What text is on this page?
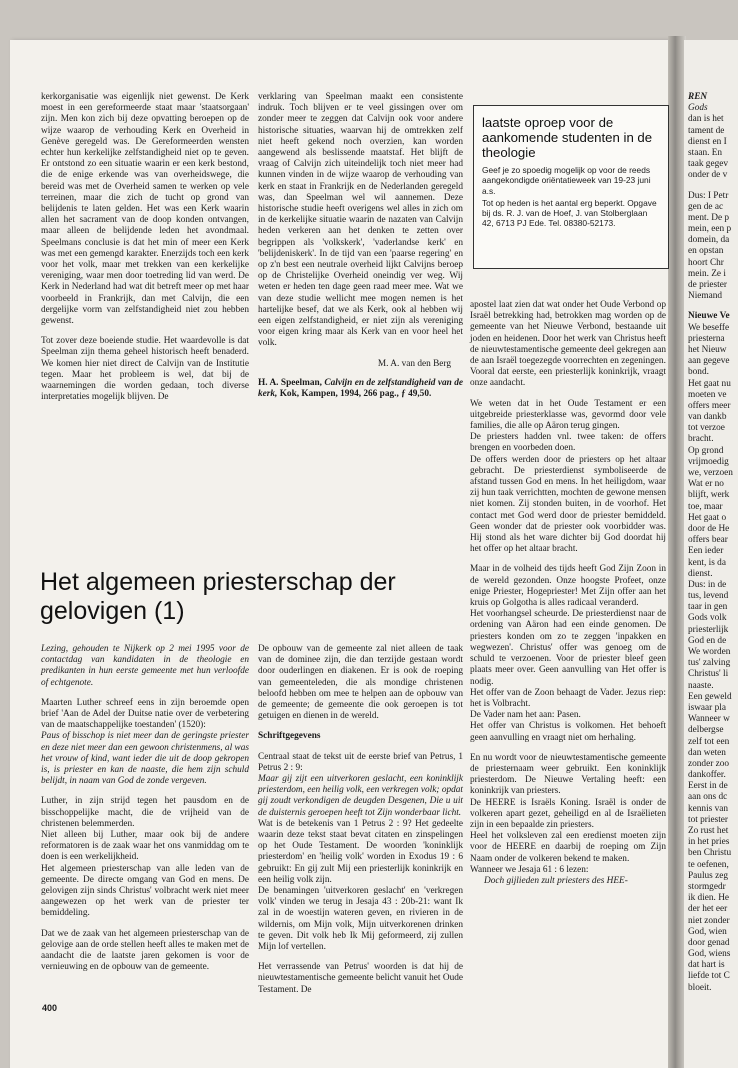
kerkorganisatie was eigenlijk niet gewenst. De Kerk moest in een gereformeerde staat maar 'staatsorgaan' zijn. Men kon zich bij deze opvatting beroepen op de wijze waarop de verhouding Kerk en Overheid in Genève geregeld was. De Gereformeerden wensten echter hun kerkelijke zelfstandigheid niet op te geven. Er ontstond zo een situatie waarin er een kerk bestond, die de enige erkende was van overheidswege, die bereid was met de Overheid samen te werken op vele terreinen, maar die zich de tucht op grond van belijdenis te laten gelden. Het was een Kerk waarin allen het sacrament van de doop konden ontvangen, maar alleen de belijdende leden het avondmaal. Speelmans conclusie is dat het min of meer een Kerk was met een gemengd karakter. Enerzijds toch een kerk voor het volk, maar met trekken van een kerkelijke vereniging, waar men door toetreding lid van werd. De Kerk in Nederland had wat dit betreft meer op met haar voorbeeld in Frankrijk, dan met Calvijn, die een dergelijke vorm van zelfstandigheid niet zou hebben gewenst.

Tot zover deze boeiende studie. Het waardevolle is dat Speelman zijn thema geheel historisch heeft benaderd. We komen hier niet direct de Calvijn van de Institutie tegen. Maar het probleem is wel, dat bij de waarnemingen die worden gedaan, toch diverse interpretaties mogelijk blijven. De

verklaring van Speelman maakt een consistente indruk. Toch blijven er te veel gissingen over om zonder meer te zeggen dat Calvijn ook voor andere historische situaties, waarvan hij de omtrekken zelf niet heeft gekend noch overzien, kan worden aangewend als beslissende maatstaf. Het blijft de vraag of Calvijn zich uiteindelijk toch niet meer had kunnen vinden in de wijze waarop de verhouding van kerk en staat in Frankrijk en de Nederlanden geregeld was, dan Speelman wel wil aannemen. Deze historische studie heeft overigens wel alles in zich om in de kerkelijke situatie waarin de nazaten van Calvijn heden verkeren aan het denken te zetten over begrippen als 'volkskerk', 'vaderlandse kerk' en 'belijdeniskerk'. In de tijd van een 'paarse regering' en op z'n best een neutrale overheid lijkt Calvijns beroep op de Christelijke Overheid oneindig ver weg. Wij weten er heden ten dage geen raad meer mee. Wat we van deze studie wellicht mee mogen nemen is het hartelijke besef, dat we als Kerk, ook al hebben wij een eigen zelfstandigheid, er niet zijn als vereniging voor eigen kring maar als Kerk van en voor heel het volk.

M. A. van den Berg

H. A. Speelman, Calvijn en de zelfstandigheid van de kerk, Kok, Kampen, 1994, 266 pag., ƒ 49,50.

laatste oproep voor de aankomende studenten in de theologie

Geef je zo spoedig mogelijk op voor de reeds aangekondigde oriëntatieweek van 19-23 juni a.s.

Tot op heden is het aantal erg beperkt. Opgave bij ds. R. J. van de Hoef, J. van Stolberglaan 42, 6713 PJ Ede. Tel. 08380-52173.

apostel laat zien dat wat onder het Oude Verbond op Israël betrekking had, betrokken mag worden op de gemeente van het Nieuwe Verbond, bestaande uit joden en heidenen. Door het werk van Christus heeft de nieuwtestamentische gemeente deel gekregen aan de aan Israël toegezegde voorrechten en zegeningen.

Vooral dat eerste, een priesterlijk koninkrijk, vraagt onze aandacht.

We weten dat in het Oude Testament er een uitgebreide priesterklasse was, gevormd door vele families, die alle op Aäron terug gingen.

De priesters hadden vnl. twee taken: de offers brengen en voorbeden doen.

De offers werden door de priesters op het altaar gebracht. De priesterdienst symboliseerde de afstand tussen God en mens. In het heiligdom, waar zij hun taak verrichtten, mochten de gewone mensen niet komen. Zij stonden buiten, in de voorhof. Het contact met God werd door de priester bemiddeld. Geen wonder dat de priester ook voorbidder was. Hij stond als het ware dichter bij God doordat hij het offer op het altaar bracht.

Maar in de volheid des tijds heeft God Zijn Zoon in de wereld gezonden. Onze hoogste Profeet, onze enige Priester, Hogepriester! Met Zijn offer aan het kruis op Golgotha is alles radicaal veranderd.

Het voorhangsel scheurde. De priesterdienst naar de ordening van Aäron had een einde genomen. De priesters konden om zo te zeggen 'inpakken en wegwezen'. Christus' offer was genoeg om de schuld te verzoenen. Voor de priester bleef geen plaats meer over. Geen aanvulling van Het offer is nodig.

Het offer van de Zoon behaagt de Vader. Jezus riep: het is Volbracht.

De Vader nam het aan: Pasen.

Het offer van Christus is volkomen. Het behoeft geen aanvulling en vraagt niet om herhaling.

En nu wordt voor de nieuwtestamentische gemeente de priesternaam weer gebruikt. Een koninklijk priesterdom. De Nieuwe Vertaling heeft: een koninkrijk van priesters.

De HEERE is Israëls Koning. Israël is onder de volkeren apart gezet, geheiligd en al de Israëlieten zijn in een bepaalde zin priesters.

Heel het volksleven zal een eredienst moeten zijn voor de HEERE en daarbij de roeping om Zijn Naam onder de volkeren bekend te maken.

Wanneer we Jesaja 61 : 6 lezen:

Doch gijlieden zult priesters des HEE-

Het algemeen priesterschap der gelovigen (1)

Lezing, gehouden te Nijkerk op 2 mei 1995 voor de contactdag van kandidaten in de theologie en predikanten in hun eerste gemeente met hun verloofde of echtgenote.

Maarten Luther schreef eens in zijn beroemde open brief 'Aan de Adel der Duitse natie over de verbetering van de maatschappelijke toestanden' (1520):

Paus of bisschop is niet meer dan de geringste priester en deze niet meer dan een gewoon christenmens, al was het vrouw of kind, want ieder die uit de doop gekropen is, is priester en kan de naaste, die hem zijn schuld belijdt, in naam van God de zonde vergeven.

Luther, in zijn strijd tegen het pausdom en de bisschoppelijke macht, die de vrijheid van de christenen belemmerden.

Niet alleen bij Luther, maar ook bij de andere reformatoren is de zaak waar het ons vanmiddag om te doen is een werkelijkheid.

Het algemeen priesterschap van alle leden van de gemeente. De directe omgang van God en mens. De gelovigen zijn sinds Christus' volbracht werk niet meer aangewezen op het werk van de priester ter bemiddeling.

Dat we de zaak van het algemeen priesterschap van de gelovige aan de orde stellen heeft alles te maken met de aandacht die de laatste jaren gekomen is voor de vernieuwing en de opbouw van de gemeente.

De opbouw van de gemeente zal niet alleen de taak van de dominee zijn, die dan terzijde gestaan wordt door ouderlingen en diakenen. Er is ook de roeping van gemeenteleden, die als mondige christenen beloofd hebben om mee te helpen aan de opbouw van de gemeente; de gemeente die ook geroepen is tot getuigen en dienen in de wereld.

Schriftgegevens

Centraal staat de tekst uit de eerste brief van Petrus, 1 Petrus 2 : 9:

Maar gij zijt een uitverkoren geslacht, een koninklijk priesterdom, een heilig volk, een verkregen volk; opdat gij zoudt verkondigen de deugden Desgenen, Die u uit de duisternis geroepen heeft tot Zijn wonderbaar licht.

Wat is de betekenis van 1 Petrus 2 : 9? Het gedeelte waarin deze tekst staat bevat citaten en zinspelingen op het Oude Testament. De woorden 'koninklijk priesterdom' en 'heilig volk' worden in Exodus 19 : 6 gebruikt: En gij zult Mij een priesterlijk koninkrijk en een heilig volk zijn.

De benamingen 'uitverkoren geslacht' en 'verkregen volk' vinden we terug in Jesaja 43 : 20b-21: want Ik zal in de woestijn wateren geven, en rivieren in de wildernis, om Mijn volk, Mijn uitverkorenen drinken te geven. Dit volk heb Ik Mij geformeerd, zij zullen Mijn lof vertellen.

Het verrassende van Petrus' woorden is dat hij de nieuwtestamentische gemeente belicht vanuit het Oude Testament. De

400
REN
Gods
dan is het
tament de
dienst en I
staan. En
taak gegev
onder de v
Dus: I Petr
gen de ac
ment. De p
mein, een p
domein, da
en opstan
hoort Chr
mein. Ze i
de priester
Niemand
Nieuwe Ve
We beseffe
priesterna
het Nieuw
aan gegeve
bond.
Het gaat nu
moeten ve
offers meer
van dankb
tot verzoe
bracht.
Op grond
vrijmoedig
we, verzoen
Wat er no
blijft, werk
toe, maar
Het gaat o
door de He
offers bear
Een ieder
kent, is da
dienst.
Dus: in de
tus, levend
taar in gen
Gods volk
priesterlijk
God en de
We worden
tus' zalving
Christus' li
naaste.
Een geweld
iswaar pla
Wanneer w
delbergse
zelf tot een
dan weten
zonder zoo
dankoffer.
Eerst in de
aan ons dc
kennis van
tot priester
Zo rust het
in het pries
ben Christu
te oefenen,
Paulus zeg
stormgedr
ik dien. He
der het eer
niet zonder
God, wien
door genad
God, wiens
dat hart is
liefde tot C
bloeit.
